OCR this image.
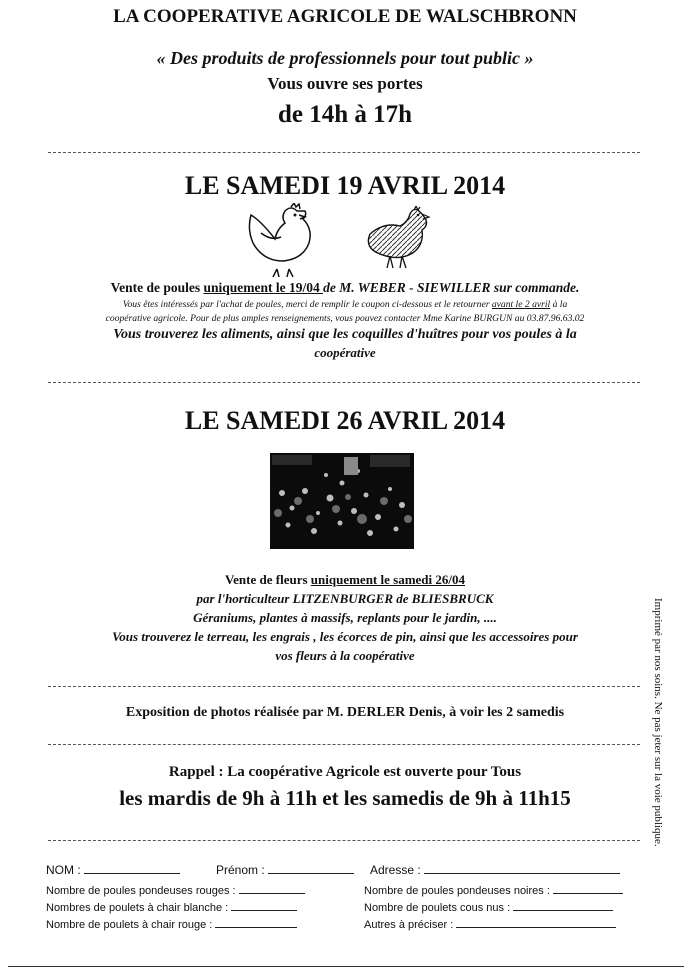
LA COOPERATIVE AGRICOLE DE WALSCHBRONN
« Des produits de professionnels pour tout public »
Vous ouvre ses portes
de 14h à 17h
LE SAMEDI 19 AVRIL 2014
Vente de poules uniquement le 19/04 de M. WEBER - SIEWILLER sur commande.
Vous êtes intéressés par l'achat de poules, merci de remplir le coupon ci-dessous et le retourner avant le 2 avril à la
coopérative agricole. Pour de plus amples renseignements, vous pouvez contacter Mme Karine BURGUN au 03.87.96.63.02
Vous trouverez les aliments, ainsi que les coquilles d'huîtres pour vos poules à la
coopérative
LE SAMEDI 26 AVRIL 2014
Vente de fleurs uniquement le samedi 26/04
par l'horticulteur LITZENBURGER de BLIESBRUCK
Géraniums, plantes à massifs, replants pour le jardin, ....
Vous trouverez le terreau, les engrais , les écorces de pin, ainsi que les accessoires pour
vos fleurs à la coopérative
Exposition de photos réalisée par M. DERLER Denis, à voir les 2 samedis
Rappel : La coopérative Agricole est ouverte pour Tous
les mardis de 9h à 11h et les samedis de 9h à 11h15
NOM :	Prénom :	Adresse :
Nombre de poules pondeuses rouges :	Nombre de poules pondeuses noires :
Nombres de poulets à chair blanche :	Nombre de poulets cous nus :
Nombre de poulets à chair rouge :	Autres à préciser :
Imprimé par nos soins. Ne pas jeter sur la voie publique.
